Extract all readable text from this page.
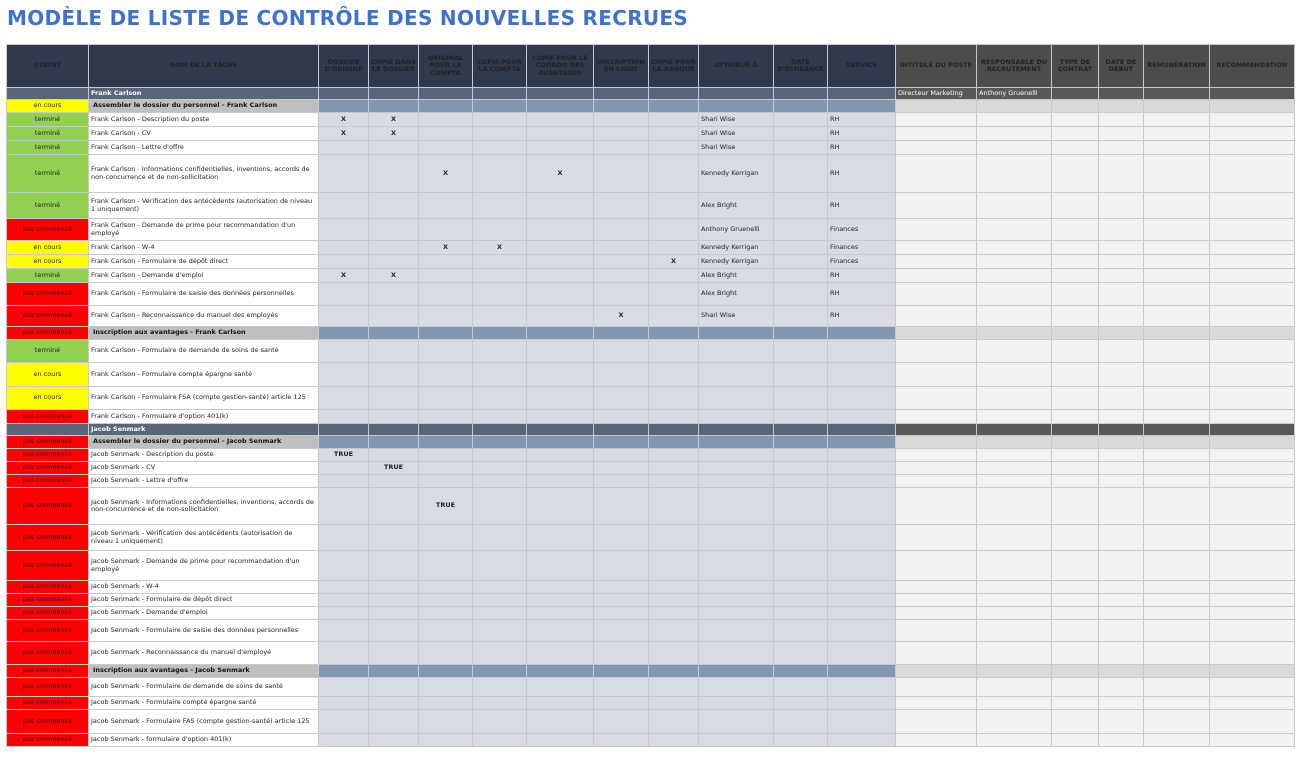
MODÈLE DE LISTE DE CONTRÔLE DES NOUVELLES RECRUES
STATUT	NOM DE LA TÂCHE	DOSSIER D'ORIGINE	COPIE DANS LE DOSSIER	ORIGINAL POUR LA COMPTA	COPIE POUR LA COMPTA	COPIE POUR LE COORDO DES AVANTAGES	INSCRIPTION EN LIGNE	COPIE POUR LA BANQUE	ATTRIBUÉ À	DATE D'ÉCHÉANCE	SERVICE	INTITULÉ DU POSTE	RESPONSABLE DU RECRUTEMENT	TYPE DE CONTRAT	DATE DE DÉBUT	RÉMUNÉRATION	RECOMMANDATION
	Frank Carlson											Directeur Marketing	Anthony Gruenelli				
en cours	Assembler le dossier du personnel - Frank Carlson																
terminé	Frank Carlson - Description du poste	X	X						Shari Wise		RH						
terminé	Frank Carlson - CV	X	X						Shari Wise		RH						
terminé	Frank Carlson - Lettre d'offre								Shari Wise		RH						
terminé	Frank Carlson - Informations confidentielles, inventions, accords de non-concurrence et de non-sollicitation			X		X			Kennedy Kerrigan		RH						
terminé	Frank Carlson - Vérification des antécédents (autorisation de niveau 1 uniquement)								Alex Bright		RH						
pas commencé	Frank Carlson - Demande de prime pour recommandation d'un employé								Anthony Gruenelli		Finances						
en cours	Frank Carlson - W-4			X	X				Kennedy Kerrigan		Finances						
en cours	Frank Carlson - Formulaire de dépôt direct							X	Kennedy Kerrigan		Finances						
terminé	Frank Carlson - Demande d'emploi	X	X						Alex Bright		RH						
pas commencé	Frank Carlson - Formulaire de saisie des données personnelles								Alex Bright		RH						
pas commencé	Frank Carlson - Reconnaissance du manuel des employés						X		Shari Wise		RH						
pas commencé	Inscription aux avantages - Frank Carlson																
terminé	Frank Carlson - Formulaire de demande de soins de santé																
en cours	Frank Carlson - Formulaire compte épargne santé																
en cours	Frank Carlson - Formulaire FSA (compte gestion-santé) article 125																
pas commencé	Frank Carlson - Formulaire d'option 401(k)																
	Jacob Senmark																
pas commencé	Assembler le dossier du personnel - Jacob Senmark																
pas commencé	Jacob Senmark - Description du poste	TRUE															
pas commencé	Jacob Senmark - CV		TRUE														
pas commencé	Jacob Senmark - Lettre d'offre																
pas commencé	Jacob Senmark - Informations confidentielles, inventions, accords de non-concurrence et de non-sollicitation			TRUE													
pas commencé	Jacob Senmark - Vérification des antécédents (autorisation de niveau 1 uniquement)																
pas commencé	Jacob Senmark - Demande de prime pour recommandation d'un employé																
pas commencé	Jacob Senmark - W-4																
pas commencé	Jacob Senmark - Formulaire de dépôt direct																
pas commencé	Jacob Senmark - Demande d'emploi																
pas commencé	Jacob Senmark - Formulaire de saisie des données personnelles																
pas commencé	Jacob Senmark - Reconnaissance du manuel d'employé																
pas commencé	Inscription aux avantages - Jacob Senmark																
pas commencé	Jacob Senmark - Formulaire de demande de soins de santé																
pas commencé	Jacob Senmark - Formulaire compte épargne santé																
pas commencé	Jacob Senmark - Formulaire FAS (compte gestion-santé) article 125																
pas commencé	Jacob Senmark - formulaire d'option 401(k)																
